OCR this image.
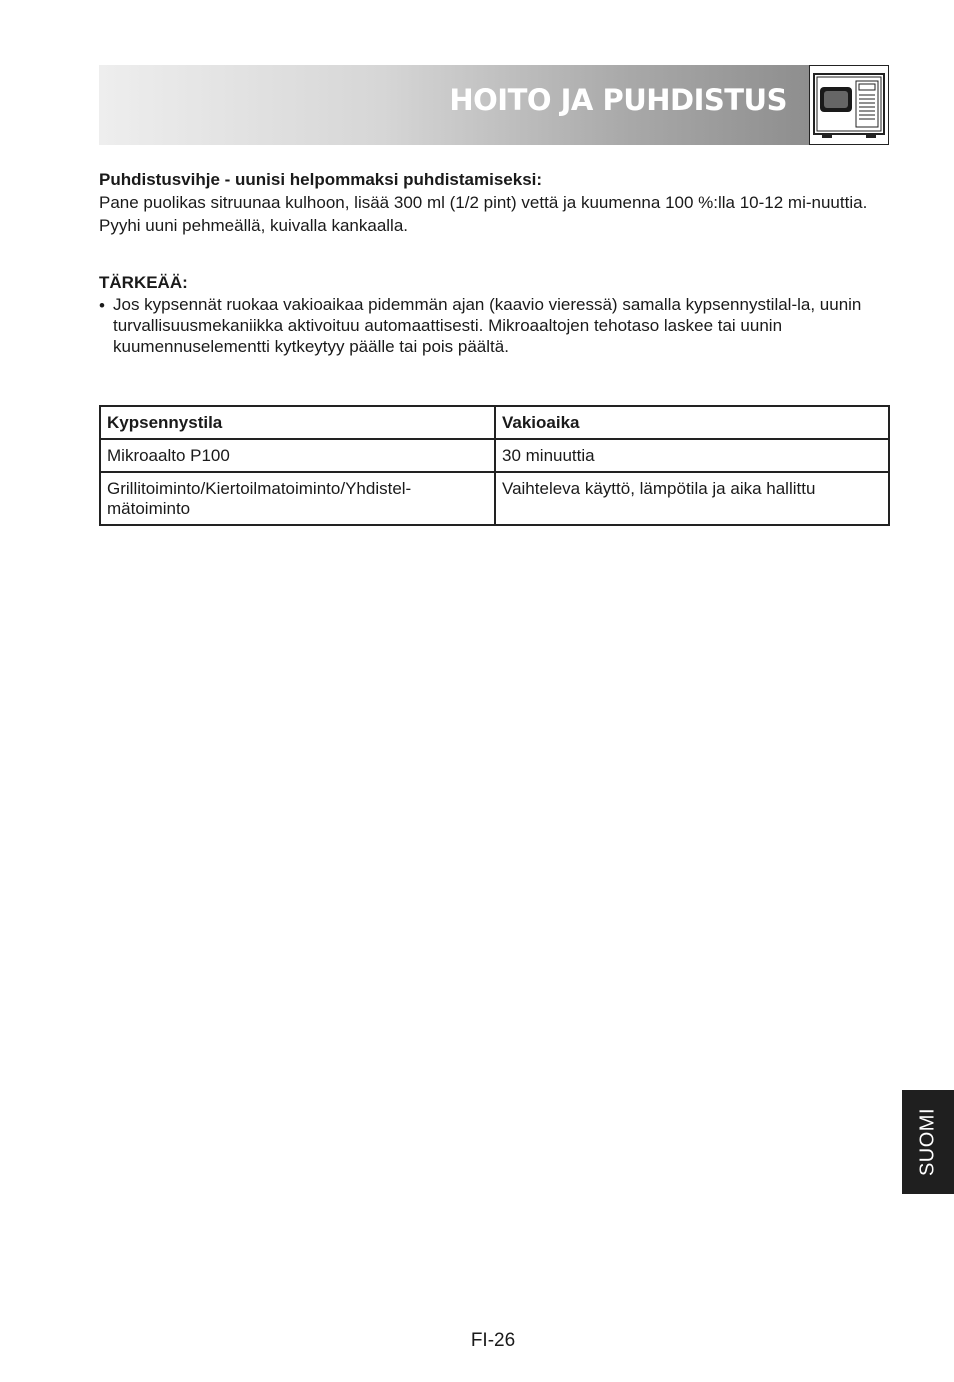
HOITO JA PUHDISTUS

Puhdistusvihje - uunisi helpommaksi puhdistamiseksi:

Pane puolikas sitruunaa kulhoon, lisää 300 ml (1/2 pint) vettä ja kuumenna 100 %:lla 10-12 mi-nuuttia.

Pyyhi uuni pehmeällä, kuivalla kankaalla.

TÄRKEÄÄ:

• Jos kypsennät ruokaa vakioaikaa pidemmän ajan (kaavio vieressä) samalla kypsennystilal-la, uunin turvallisuusmekaniikka aktivoituu automaattisesti. Mikroaaltojen tehotaso laskee tai uunin kuumennuselementti kytkeytyy päälle tai pois päältä.
Kypsennystila	Vakioaika
Mikroaalto P100	30 minuuttia
Grillitoiminto/Kiertoilmatoiminto/Yhdistel-mätoiminto	Vaihteleva käyttö, lämpötila ja aika hallittu
SUOMI
FI-26
